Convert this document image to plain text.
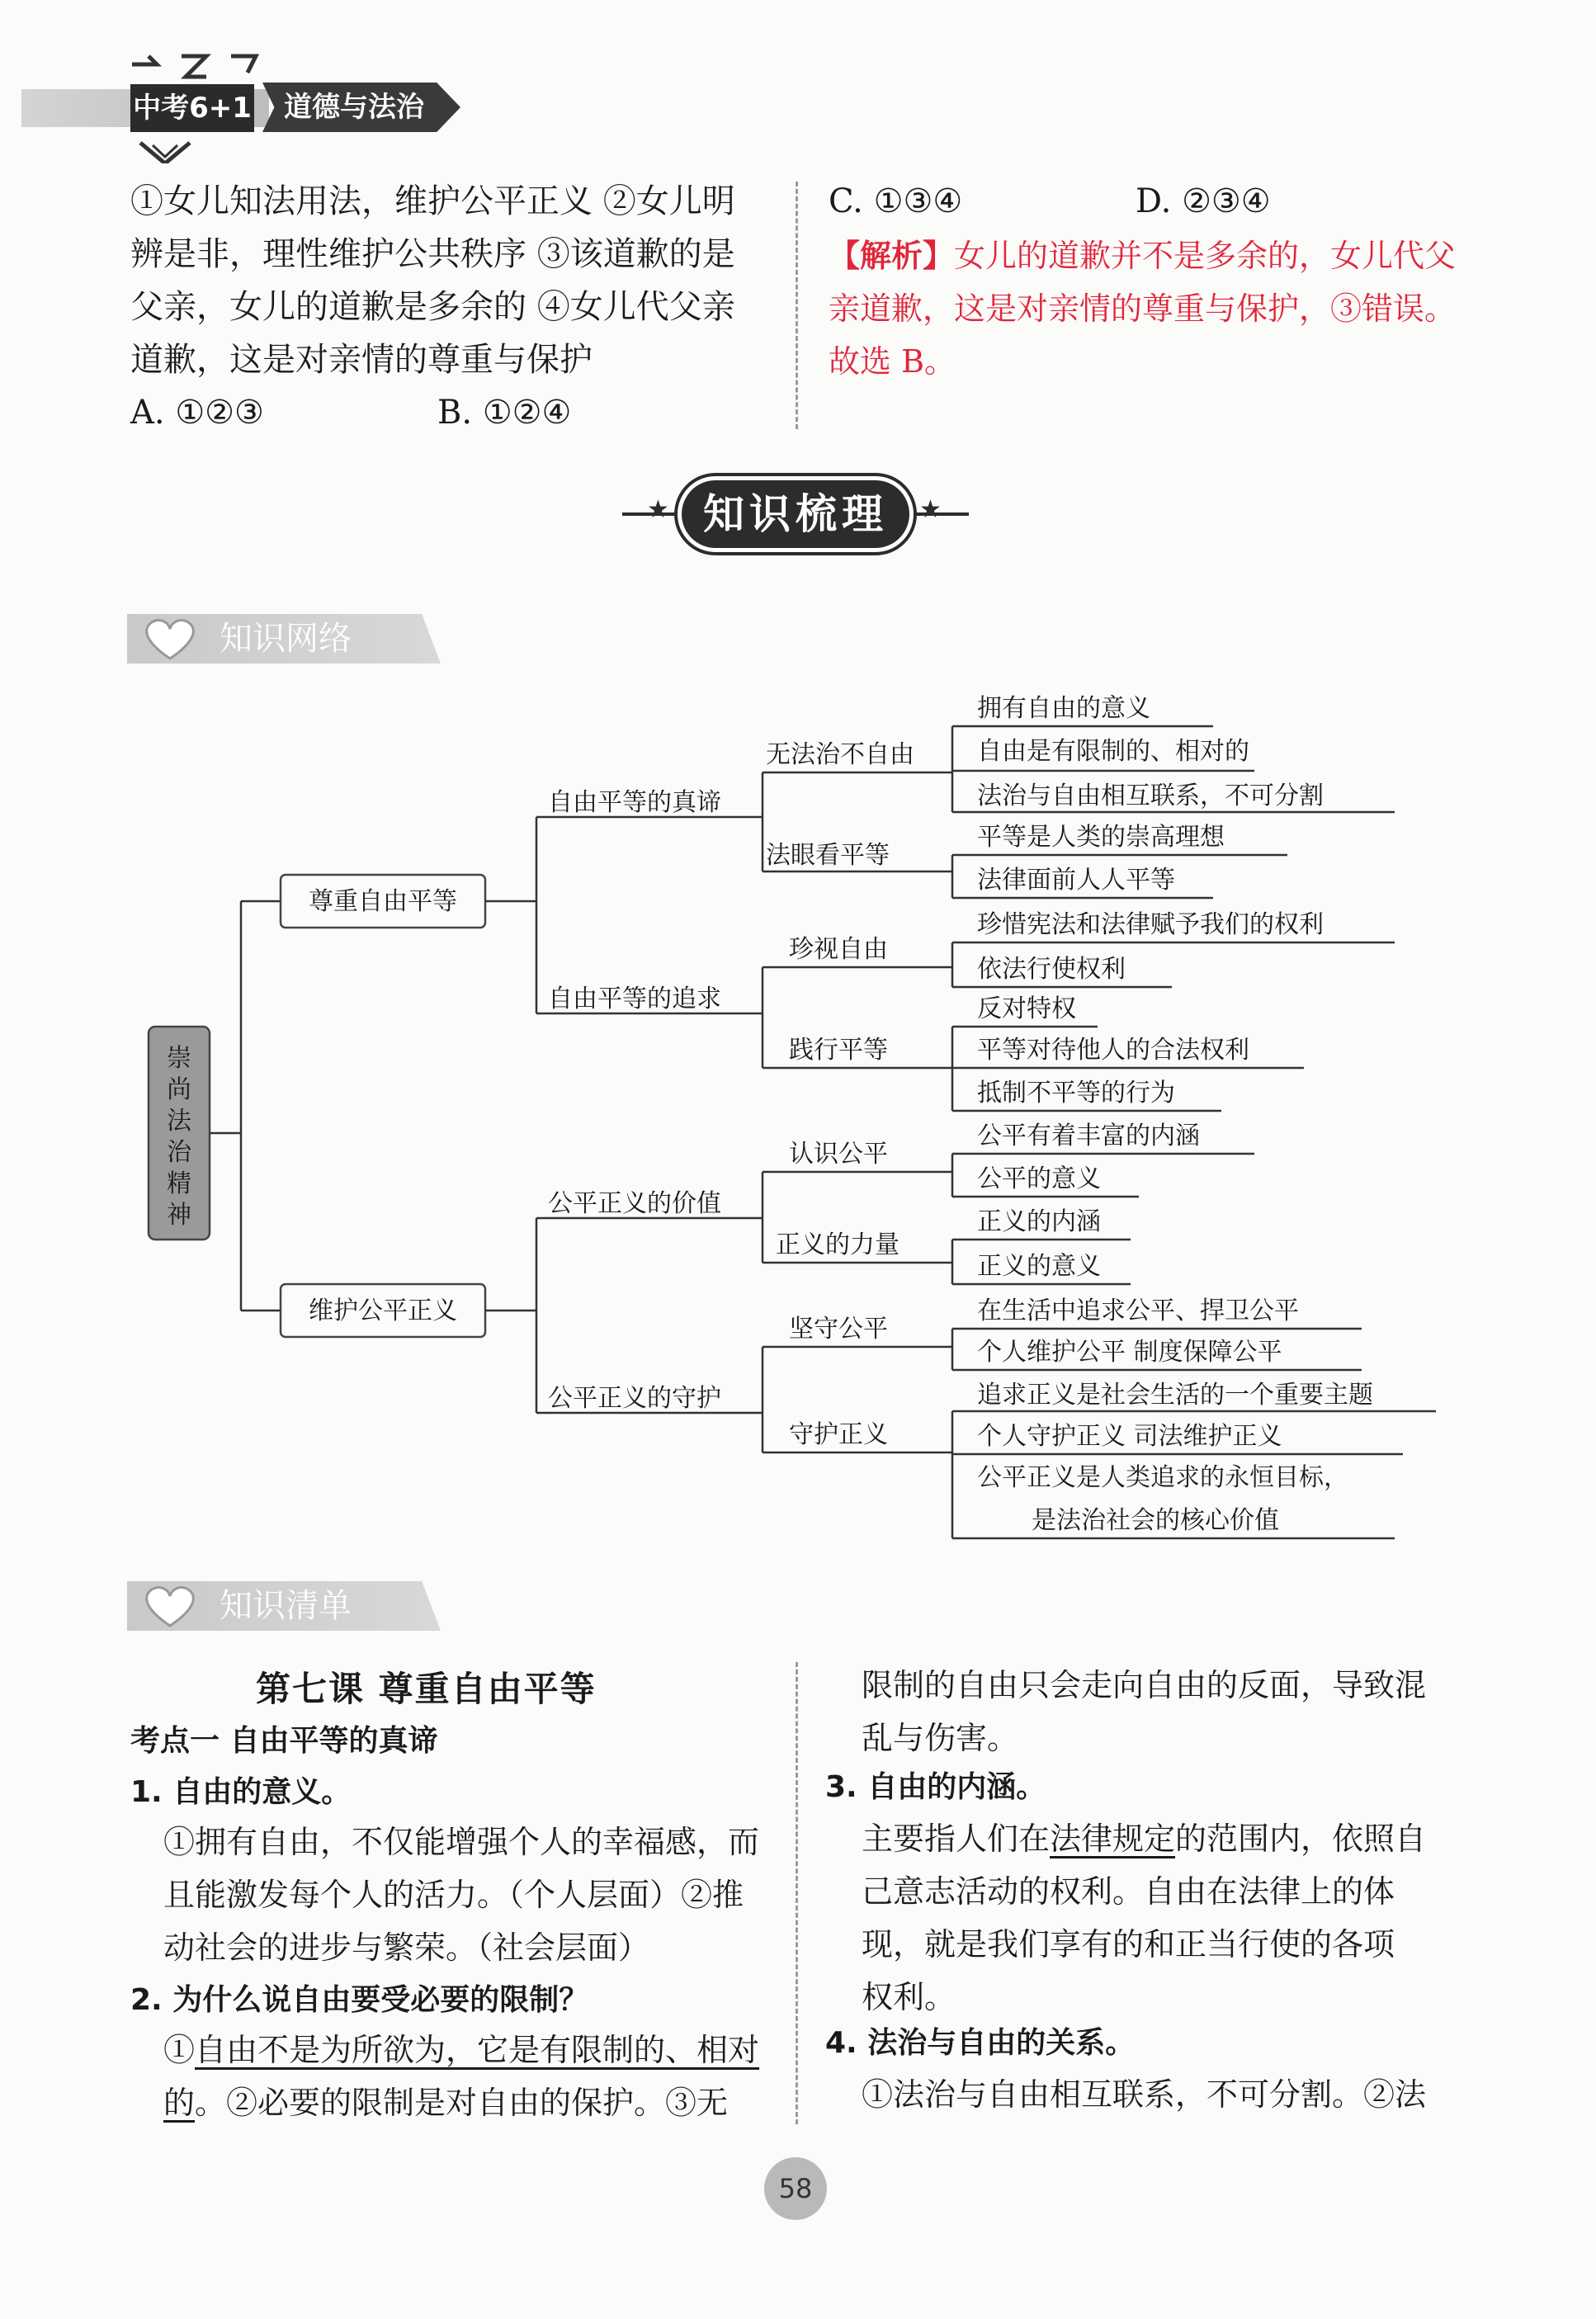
中考6+1 道德与法治
①女儿知法用法，维护公平正义 ②女儿明
辨是非，理性维护公共秩序 ③该道歉的是
父亲，女儿的道歉是多余的 ④女儿代父亲
道歉，这是对亲情的尊重与保护
A. ①②③	B. ①②④
C. ①③④	D. ②③④
【解析】女儿的道歉并不是多余的，女儿代父
亲道歉，这是对亲情的尊重与保护，③错误。
故选 B。
★	★
知识梳理
知识网络
崇尚法治精神
尊重自由平等
维护公平正义
自由平等的真谛
自由平等的追求
公平正义的价值
公平正义的守护
无法治不自由
法眼看平等
珍视自由
践行平等
认识公平
正义的力量
坚守公平
守护正义
拥有自由的意义
自由是有限制的、相对的
法治与自由相互联系，不可分割
平等是人类的崇高理想
法律面前人人平等
珍惜宪法和法律赋予我们的权利
依法行使权利
反对特权
平等对待他人的合法权利
抵制不平等的行为
公平有着丰富的内涵
公平的意义
正义的内涵
正义的意义
在生活中追求公平、捍卫公平
个人维护公平 制度保障公平
追求正义是社会生活的一个重要主题
个人守护正义 司法维护正义
公平正义是人类追求的永恒目标，
是法治社会的核心价值
知识清单
第七课 尊重自由平等
考点一 自由平等的真谛
1. 自由的意义。
①拥有自由，不仅能增强个人的幸福感，而
且能激发每个人的活力。（个人层面）②推
动社会的进步与繁荣。（社会层面）
2. 为什么说自由要受必要的限制？
①自由不是为所欲为，它是有限制的、相对
的。②必要的限制是对自由的保护。③无
限制的自由只会走向自由的反面，导致混
乱与伤害。
3. 自由的内涵。
主要指人们在法律规定的范围内，依照自
己意志活动的权利。自由在法律上的体
现，就是我们享有的和正当行使的各项
权利。
4. 法治与自由的关系。
①法治与自由相互联系，不可分割。②法
58
